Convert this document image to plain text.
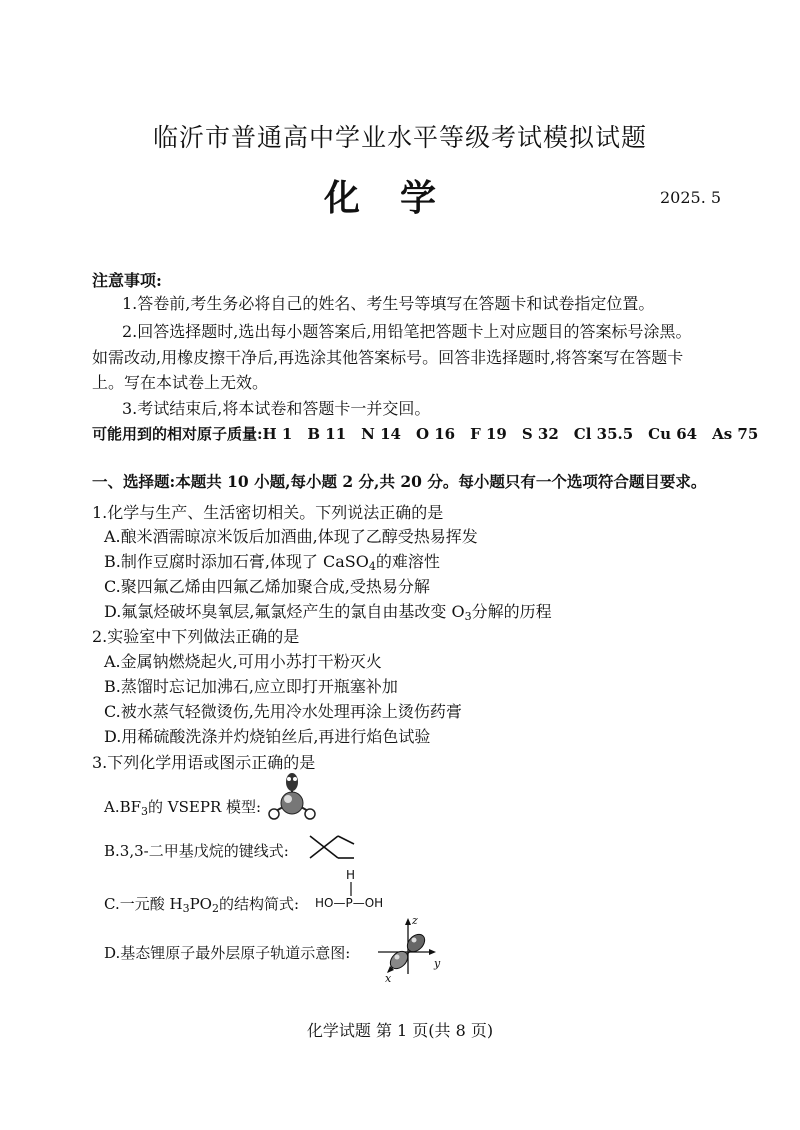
临沂市普通高中学业水平等级考试模拟试题
化学	2025. 5
注意事项:
1.答卷前,考生务必将自己的姓名、考生号等填写在答题卡和试卷指定位置。
2.回答选择题时,选出每小题答案后,用铅笔把答题卡上对应题目的答案标号涂黑。
如需改动,用橡皮擦干净后,再选涂其他答案标号。回答非选择题时,将答案写在答题卡
上。写在本试卷上无效。
3.考试结束后,将本试卷和答题卡一并交回。
可能用到的相对原子质量:H 1　B 11　N 14　O 16　F 19　S 32　Cl 35.5　Cu 64　As 75
一、选择题:本题共 10 小题,每小题 2 分,共 20 分。每小题只有一个选项符合题目要求。
1.化学与生产、生活密切相关。下列说法正确的是
A.酿米酒需晾凉米饭后加酒曲,体现了乙醇受热易挥发
B.制作豆腐时添加石膏,体现了 CaSO$_4$的难溶性
C.聚四氟乙烯由四氟乙烯加聚合成,受热易分解
D.氟氯烃破坏臭氧层,氟氯烃产生的氯自由基改变 $O_3$分解的历程
2.实验室中下列做法正确的是
A.金属钠燃烧起火,可用小苏打干粉灭火
B.蒸馏时忘记加沸石,应立即打开瓶塞补加
C.被水蒸气轻微烫伤,先用冷水处理再涂上烫伤药膏
D.用稀硫酸洗涤并灼烧铂丝后,再进行焰色试验
3.下列化学用语或图示正确的是
$A.BF_3$的 VSEPR 模型:
B.3,3-二甲基戊烷的键线式:
C.一元酸 $H_3PO_2$的结构简式:
H
HO—P—OH
D.基态锂原子最外层原子轨道示意图:
z
y
x
化学试题 第 1 页(共 8 页)
